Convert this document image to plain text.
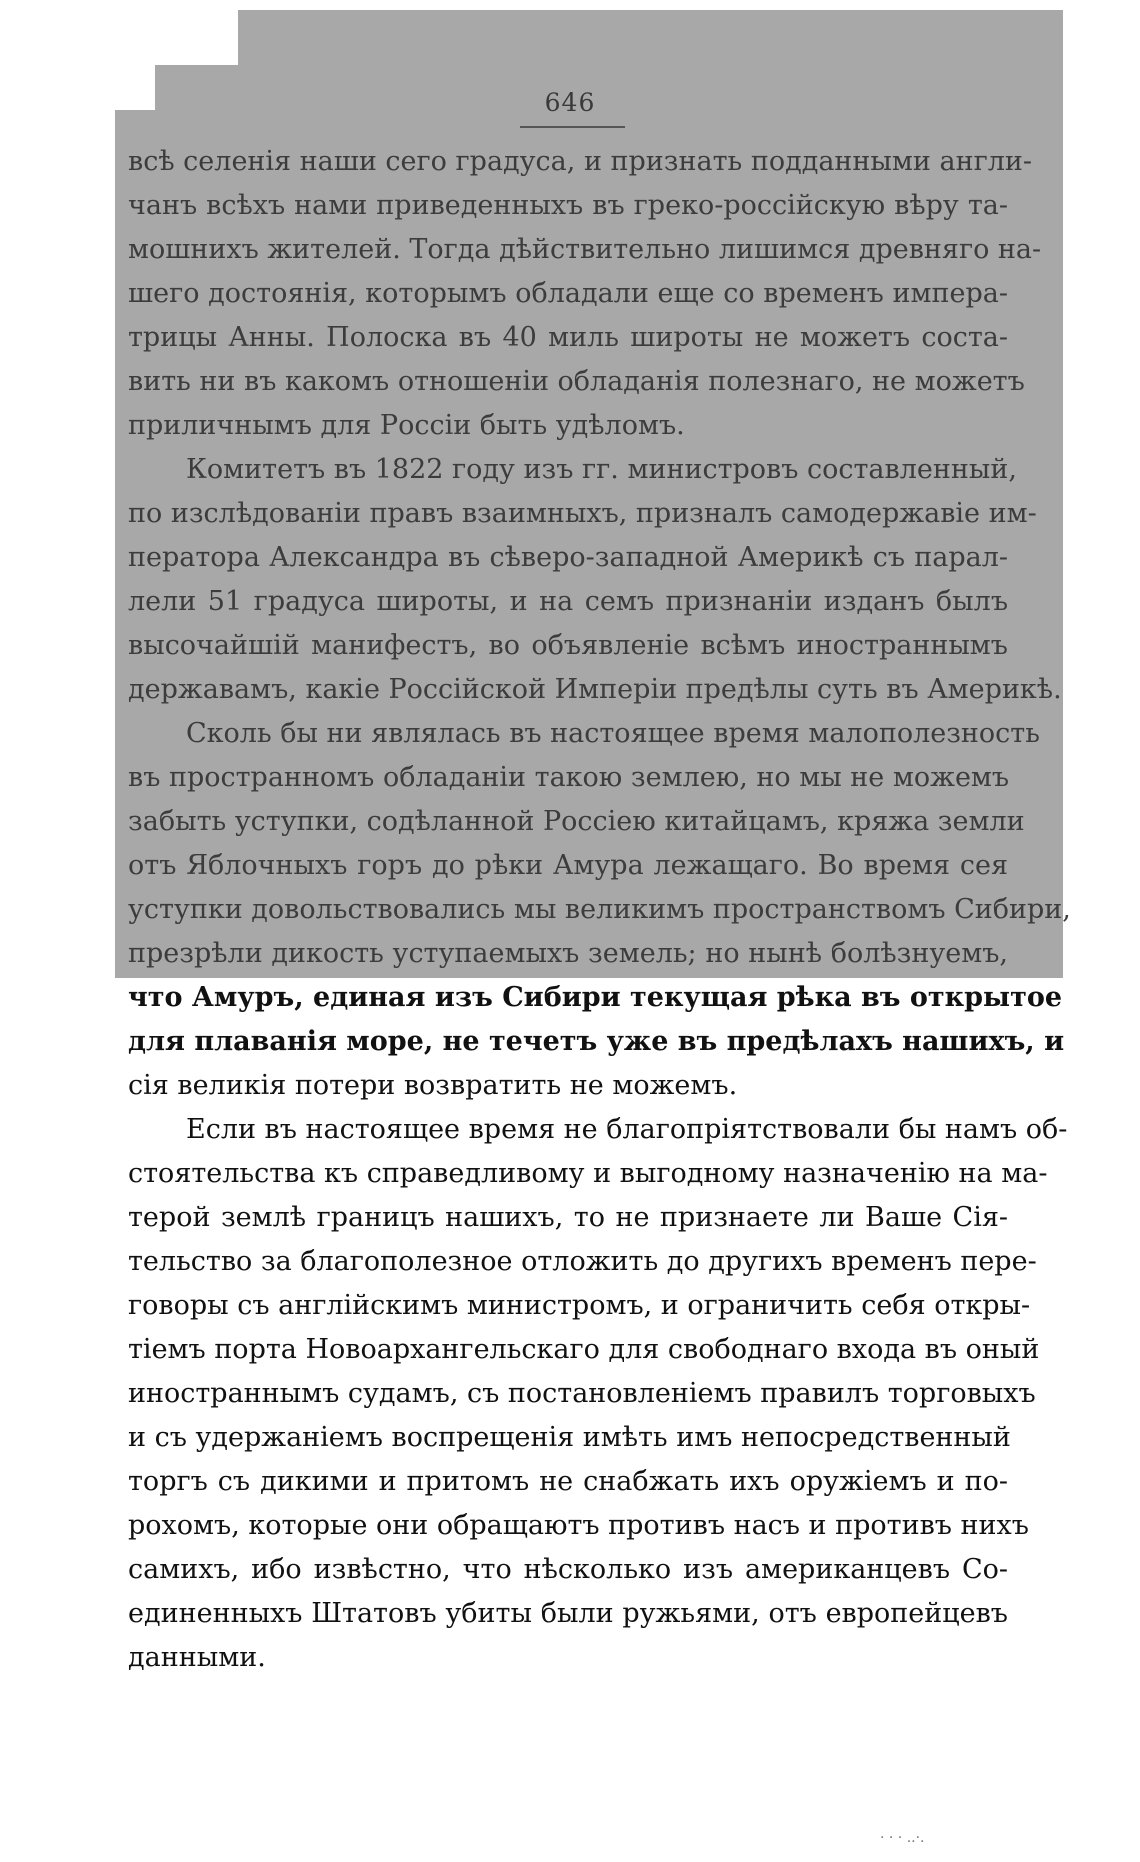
646

всѣ селенія наши сего градуса, и признать подданными англи-

чанъ всѣхъ нами приведенныхъ въ греко-россійскую вѣру та-

мошнихъ жителей. Тогда дѣйствительно лишимся древняго на-

шего достоянія, которымъ обладали еще со временъ импера-

трицы Анны. Полоска въ 40 миль широты не можетъ соста-

вить ни въ какомъ отношеніи обладанія полезнаго, не можетъ

приличнымъ для Россіи быть удѣломъ.

Комитетъ въ 1822 году изъ гг. министровъ составленный,

по изслѣдованіи правъ взаимныхъ, призналъ самодержавіе им-

ператора Александра въ сѣверо-западной Америкѣ съ парал-

лели 51 градуса широты, и на семъ признаніи изданъ былъ

высочайшій манифестъ, во объявленіе всѣмъ иностраннымъ

державамъ, какіе Россійской Имперіи предѣлы суть въ Америкѣ.

Сколь бы ни являлась въ настоящее время малополезность

въ пространномъ обладаніи такою землею, но мы не можемъ

забыть уступки, содѣланной Россіею китайцамъ, кряжа земли

отъ Яблочныхъ горъ до рѣки Амура лежащаго. Во время сея

уступки довольствовались мы великимъ пространствомъ Сибири,

презрѣли дикость уступаемыхъ земель; но нынѣ болѣзнуемъ,

что Амуръ, единая изъ Сибири текущая рѣка въ открытое

для плаванія море, не течетъ уже въ предѣлахъ нашихъ, и

сія великія потери возвратить не можемъ.

Если въ настоящее время не благопріятствовали бы намъ об-

стоятельства къ справедливому и выгодному назначенію на ма-

терой землѣ границъ нашихъ, то не признаете ли Ваше Сія-

тельство за благополезное отложить до другихъ временъ пере-

говоры съ англійскимъ министромъ, и ограничить себя откры-

тіемъ порта Новоархангельскаго для свободнаго входа въ оный

иностраннымъ судамъ, съ постановленіемъ правилъ торговыхъ

и съ удержаніемъ воспрещенія имѣть имъ непосредственный

торгъ съ дикими и притомъ не снабжать ихъ оружіемъ и по-

рохомъ, которые они обращаютъ противъ насъ и противъ нихъ

самихъ, ибо извѣстно, что нѣсколько изъ американцевъ Со-

единенныхъ Штатовъ убиты были ружьями, отъ европейцевъ

данными.

· · · ..·.
